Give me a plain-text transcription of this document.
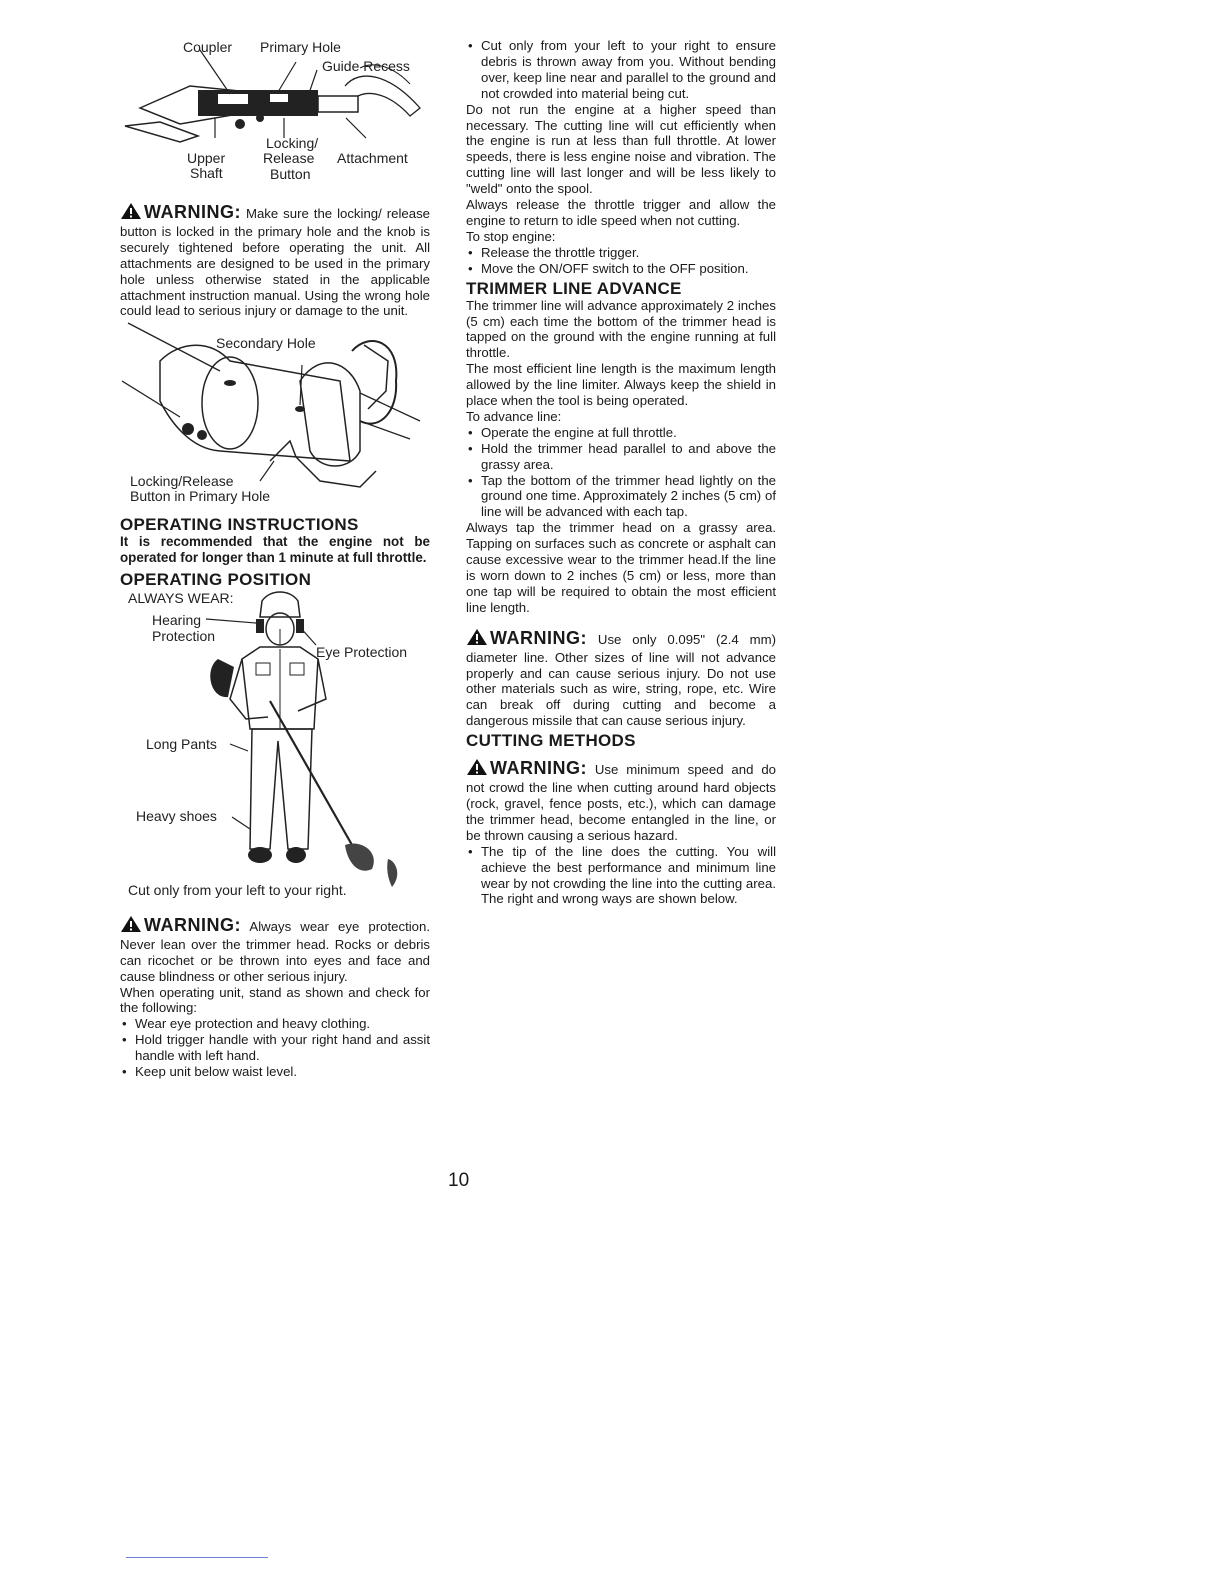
Coupler Primary Hole
Guide Recess
Locking/
Release
Button
Upper
Shaft
Attachment

WARNING: Make sure the locking/ release button is locked in the primary hole and the knob is securely tightened before operating the unit. All attachments are designed to be used in the primary hole unless otherwise stated in the applicable attachment instruction manual. Using the wrong hole could lead to serious injury or damage to the unit.

Secondary Hole
Locking/Release
Button in Primary Hole
OPERATING INSTRUCTIONS

It is recommended that the engine not be operated for longer than 1 minute at full throttle.

OPERATING POSITION
ALWAYS WEAR:
Hearing
Protection
Eye Protection
Long Pants
Heavy shoes
Cut only from your left to your right.

WARNING: Always wear eye protection. Never lean over the trimmer head. Rocks or debris can ricochet or be thrown into eyes and face and cause blindness or other serious injury.

When operating unit, stand as shown and check for the following:

• Wear eye protection and heavy clothing.
• Hold trigger handle with your right hand and assit handle with left hand.
• Keep unit below waist level.
• Cut only from your left to your right to ensure debris is thrown away from you. Without bending over, keep line near and parallel to the ground and not crowded into material being cut.

Do not run the engine at a higher speed than necessary. The cutting line will cut efficiently when the engine is run at less than full throttle. At lower speeds, there is less engine noise and vibration. The cutting line will last longer and will be less likely to "weld" onto the spool.

Always release the throttle trigger and allow the engine to return to idle speed when not cutting.

To stop engine:

• Release the throttle trigger.
• Move the ON/OFF switch to the OFF position.
TRIMMER LINE ADVANCE

The trimmer line will advance approximately 2 inches (5 cm) each time the bottom of the trimmer head is tapped on the ground with the engine running at full throttle.

The most efficient line length is the maximum length allowed by the line limiter. Always keep the shield in place when the tool is being operated.

To advance line:

• Operate the engine at full throttle.
• Hold the trimmer head parallel to and above the grassy area.
• Tap the bottom of the trimmer head lightly on the ground one time. Approximately 2 inches (5 cm) of line will be advanced with each tap.

Always tap the trimmer head on a grassy area. Tapping on surfaces such as concrete or asphalt can cause excessive wear to the trimmer head.If the line is worn down to 2 inches (5 cm) or less, more than one tap will be required to obtain the most efficient line length.

WARNING: Use only 0.095" (2.4 mm) diameter line. Other sizes of line will not advance properly and can cause serious injury. Do not use other materials such as wire, string, rope, etc. Wire can break off during cutting and become a dangerous missile that can cause serious injury.

CUTTING METHODS

WARNING: Use minimum speed and do not crowd the line when cutting around hard objects (rock, gravel, fence posts, etc.), which can damage the trimmer head, become entangled in the line, or be thrown causing a serious hazard.

• The tip of the line does the cutting. You will achieve the best performance and minimum line wear by not crowding the line into the cutting area. The right and wrong ways are shown below.
10
